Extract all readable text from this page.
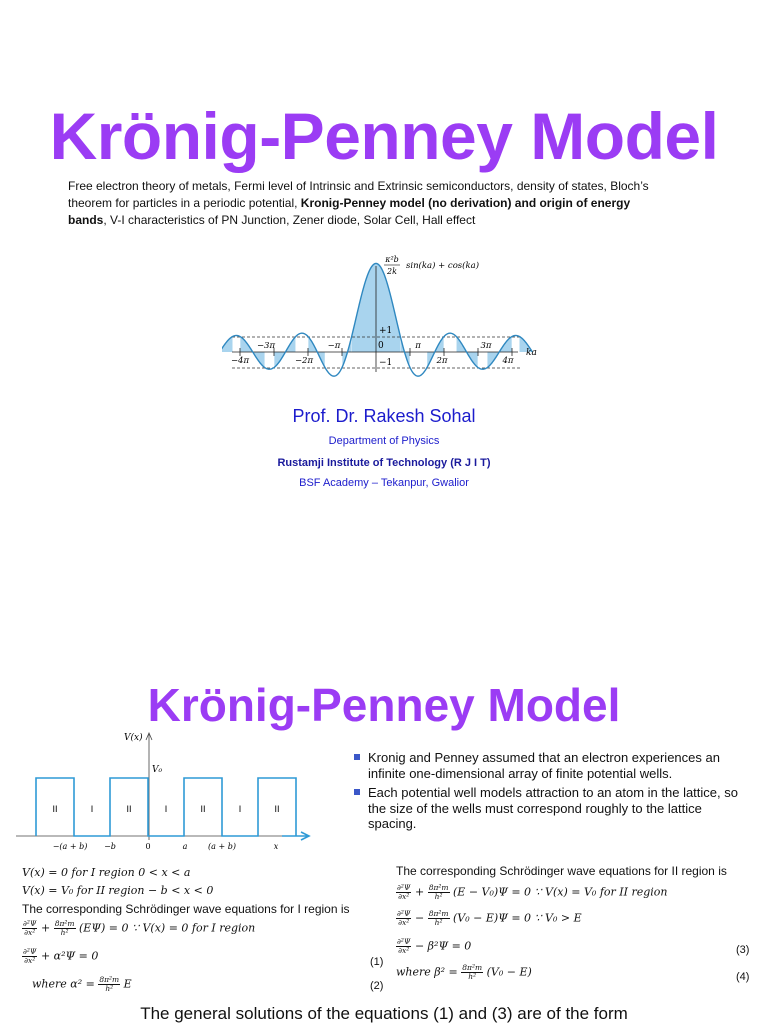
Krönig-Penney Model
Free electron theory of metals, Fermi level of Intrinsic and Extrinsic semiconductors, density of states, Bloch’s theorem for particles in a periodic potential, Kronig-Penney model (no derivation) and origin of energy bands, V-I characteristics of PN Junction, Zener diode, Solar Cell, Hall effect
κ²b
2k
sin(ka) + cos(ka)
ka
+1
−1
0
−3π	−π	π	3π
−4π	−2π	2π	4π
Prof. Dr. Rakesh Sohal
Department of Physics
Rustamji Institute of Technology (R J I T)
BSF Academy – Tekanpur, Gwalior
Krönig-Penney Model
V(x)
V₀
II	I	II	I	II	I	II
−(a + b) −b	0	a	(a + b)	x
Kronig and Penney assumed that an electron experiences an infinite one-dimensional array of finite potential wells.
Each potential well models attraction to an atom in the lattice, so the size of the wells must correspond roughly to the lattice spacing.
V(x) = 0 for I region 0 < x < a
V(x) = V₀ for II region − b < x < 0
The corresponding Schrödinger wave equations for I region is
$\frac{\text{∂²Ψ}}{\text{∂x²}} + \frac{\text{8π²m}}{\text{h²}} (E\Psi) = 0$ ∵ V(x) = 0 for I region
$\frac{\text{∂²Ψ}}{\text{∂x²}} + \alpha^2\Psi = 0$
where $\alpha^2 = \frac{\text{8π²m}}{\text{h²}}$ E
(1)
(2)
The corresponding Schrödinger wave equations for II region is
$\frac{\text{∂²Ψ}}{\text{∂x²}} + \frac{\text{8π²m}}{\text{h²}} (E - V_0)\Psi = 0$ ∵ V(x) = V₀ for II region
$\frac{\text{∂²Ψ}}{\text{∂x²}} - \frac{\text{8π²m}}{\text{h²}} (V_0 - E)\Psi = 0$ ∵ V₀ > E
$\frac{\text{∂²Ψ}}{\text{∂x²}} - \beta^2\Psi = 0$
where $\beta^2 = \frac{\text{8π²m}}{\text{h²}} (V_0 - E)$
(3)
(4)
The general solutions of the equations (1) and (3) are of the form
